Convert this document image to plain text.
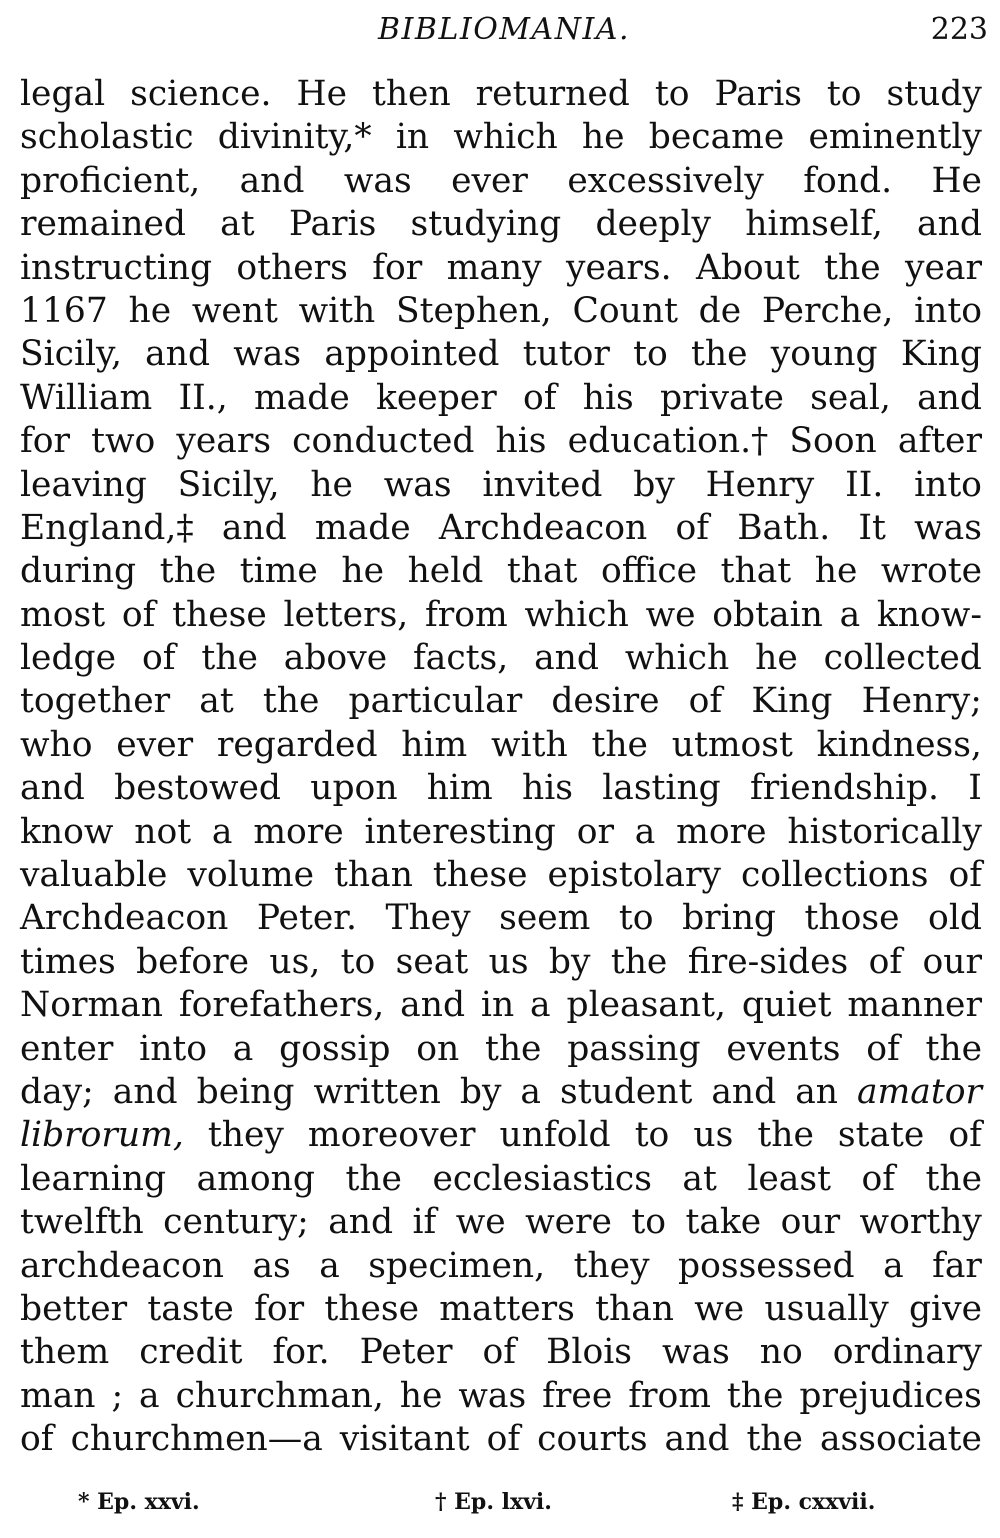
BIBLIOMANIA.	223
legal science. He then returned to Paris to study
scholastic divinity,* in which he became eminently
proficient, and was ever excessively fond. He
remained at Paris studying deeply himself, and
instructing others for many years. About the year
1167 he went with Stephen, Count de Perche, into
Sicily, and was appointed tutor to the young King
William II., made keeper of his private seal, and
for two years conducted his education.† Soon after
leaving Sicily, he was invited by Henry II. into
England,‡ and made Archdeacon of Bath. It was
during the time he held that office that he wrote
most of these letters, from which we obtain a know-
ledge of the above facts, and which he collected
together at the particular desire of King Henry;
who ever regarded him with the utmost kindness,
and bestowed upon him his lasting friendship. I
know not a more interesting or a more historically
valuable volume than these epistolary collections of
Archdeacon Peter. They seem to bring those old
times before us, to seat us by the fire-sides of our
Norman forefathers, and in a pleasant, quiet manner
enter into a gossip on the passing events of the
day; and being written by a student and an amator
librorum, they moreover unfold to us the state of
learning among the ecclesiastics at least of the
twelfth century; and if we were to take our worthy
archdeacon as a specimen, they possessed a far
better taste for these matters than we usually give
them credit for. Peter of Blois was no ordinary
man ; a churchman, he was free from the prejudices
of churchmen—a visitant of courts and the associate
* Ep. xxvi.	† Ep. lxvi.	‡ Ep. cxxvii.
